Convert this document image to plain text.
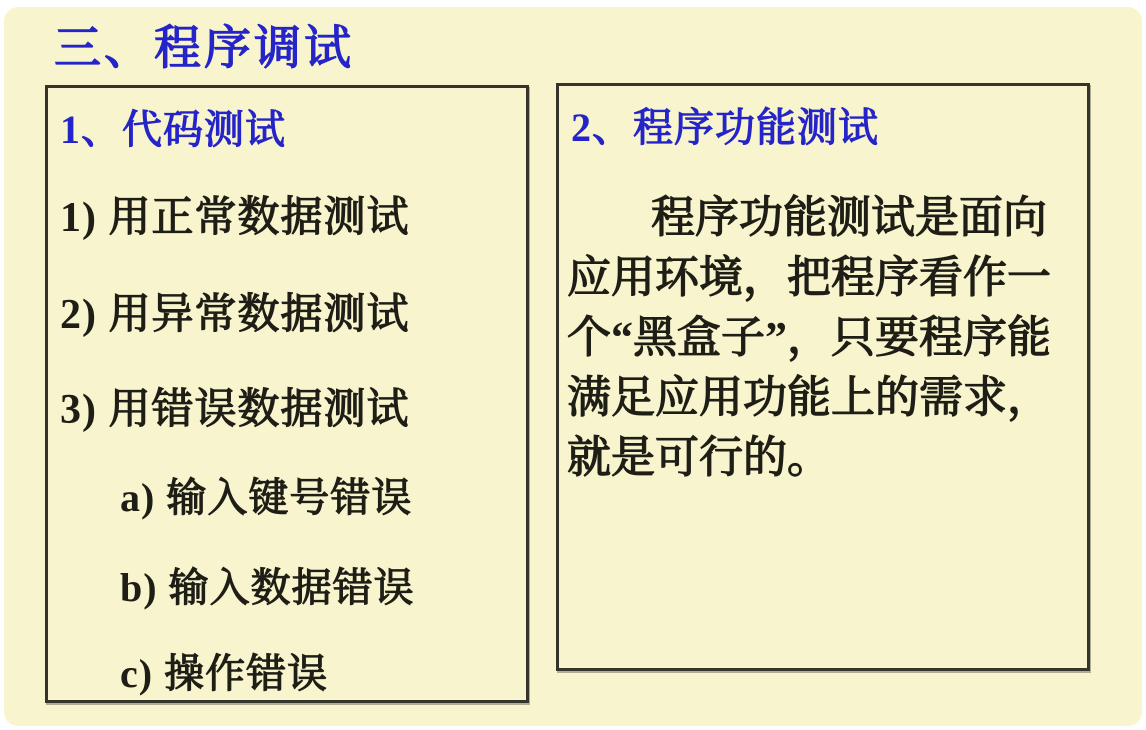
三、程序调试
1、代码测试
1) 用正常数据测试
2) 用异常数据测试
3) 用错误数据测试
a) 输入键号错误
b) 输入数据错误
c) 操作错误
2、程序功能测试
程序功能测试是面向
应用环境，把程序看作一
个“黑盒子”，只要程序能
满足应用功能上的需求，
就是可行的。
